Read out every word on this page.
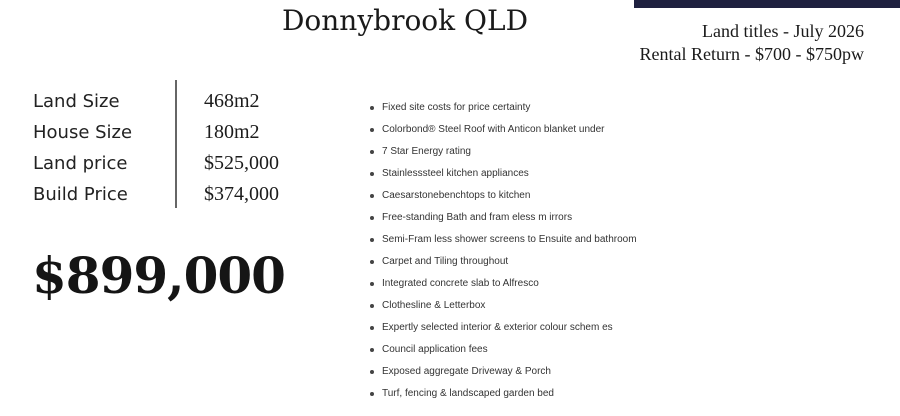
Donnybrook QLD	Land titles - July 2026
Rental Return - $700 - $750pw
Land Size
House Size
Land price
Build Price
468m2
180m2
$525,000
$374,000
$899,000
Fixed site costs for price certainty
Colorbond® Steel Roof with Anticon blanket under
7 Star Energy rating
Stainlesssteel kitchen appliances
Caesarstonebenchtops to kitchen
Free-standing Bath and fram eless m irrors
Semi-Fram less shower screens to Ensuite and bathroom
Carpet and Tiling throughout
Integrated concrete slab to Alfresco
Clothesline & Letterbox
Expertly selected interior & exterior colour schem es
Council application fees
Exposed aggregate Driveway & Porch
Turf, fencing & landscaped garden bed
